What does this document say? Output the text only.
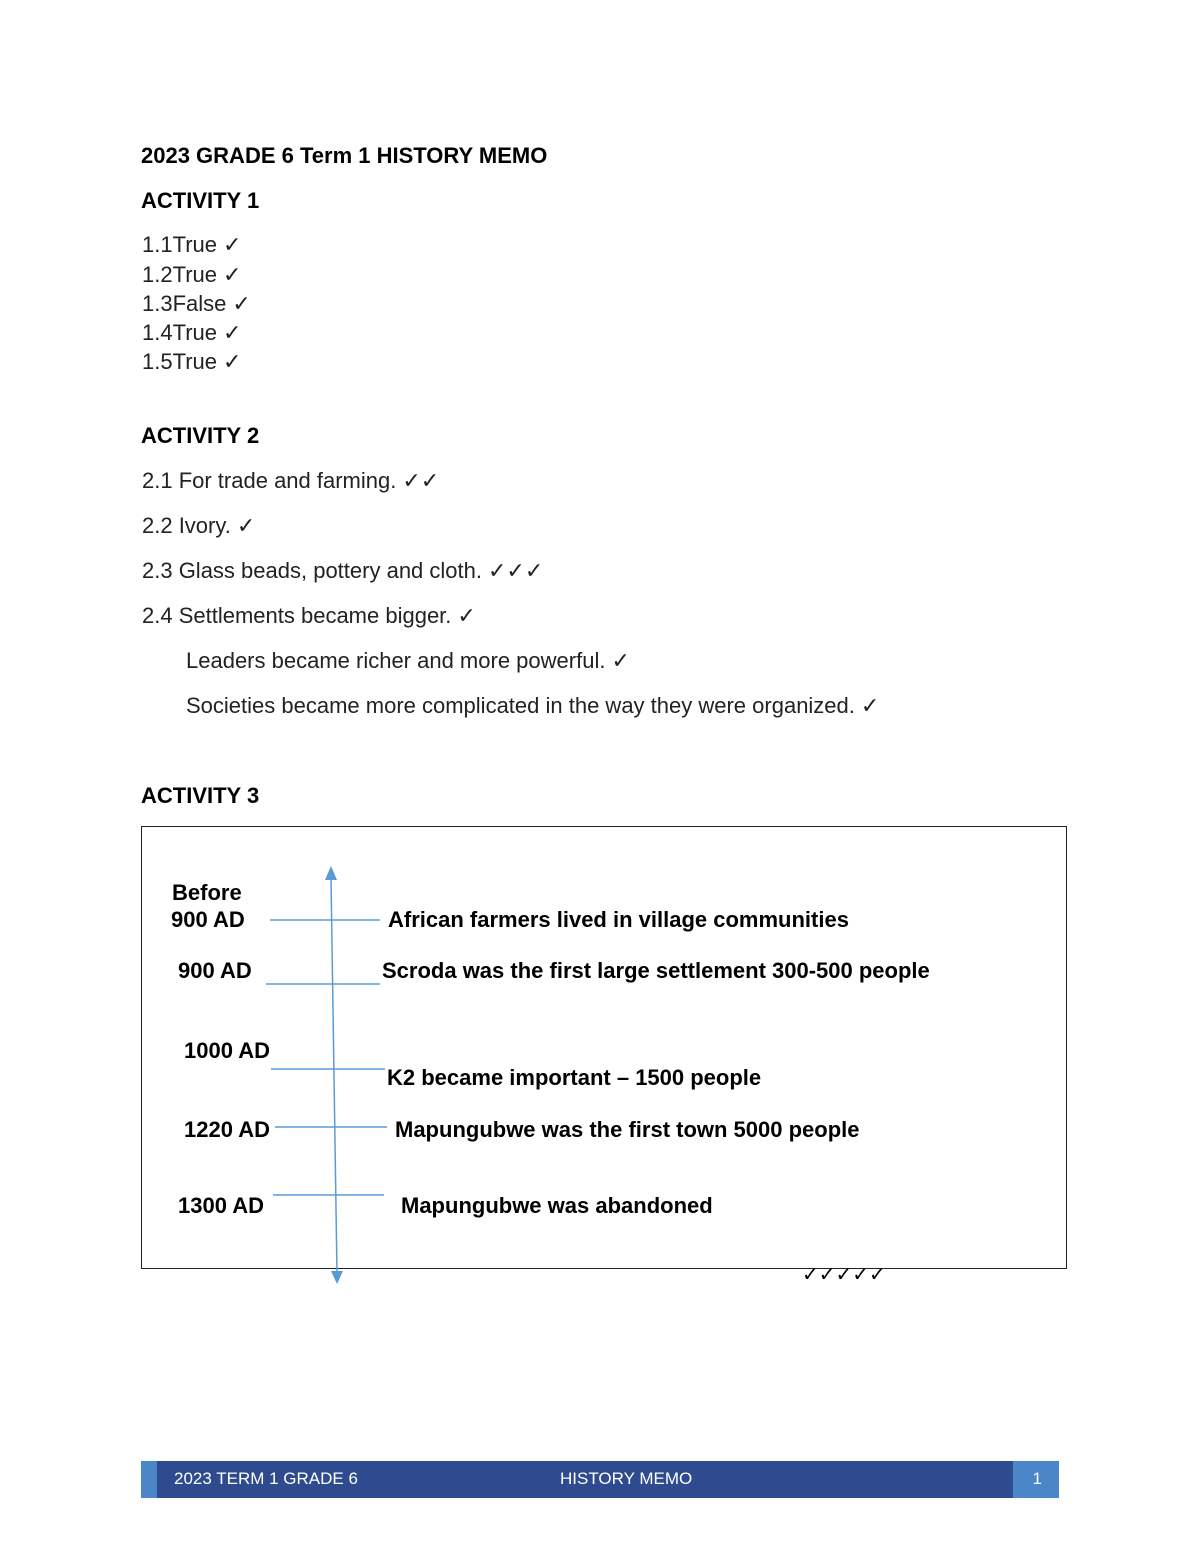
2023 GRADE 6 Term 1 HISTORY MEMO
ACTIVITY 1
1.1True ✓
1.2True ✓
1.3False ✓
1.4True ✓
1.5True ✓
ACTIVITY 2
2.1 For trade and farming. ✓✓
2.2 Ivory. ✓
2.3 Glass beads, pottery and cloth. ✓✓✓
2.4 Settlements became bigger. ✓
Leaders became richer and more powerful. ✓
Societies became more complicated in the way they were organized. ✓
ACTIVITY 3
Before
900 AD
900 AD
1000 AD
1220 AD
1300 AD
African farmers lived in village communities
Scroda was the first large settlement 300-500 people
K2 became important – 1500 people
Mapungubwe was the first town 5000 people
Mapungubwe was abandoned
✓✓✓✓✓
2023 TERM 1 GRADE 6	HISTORY MEMO	1
